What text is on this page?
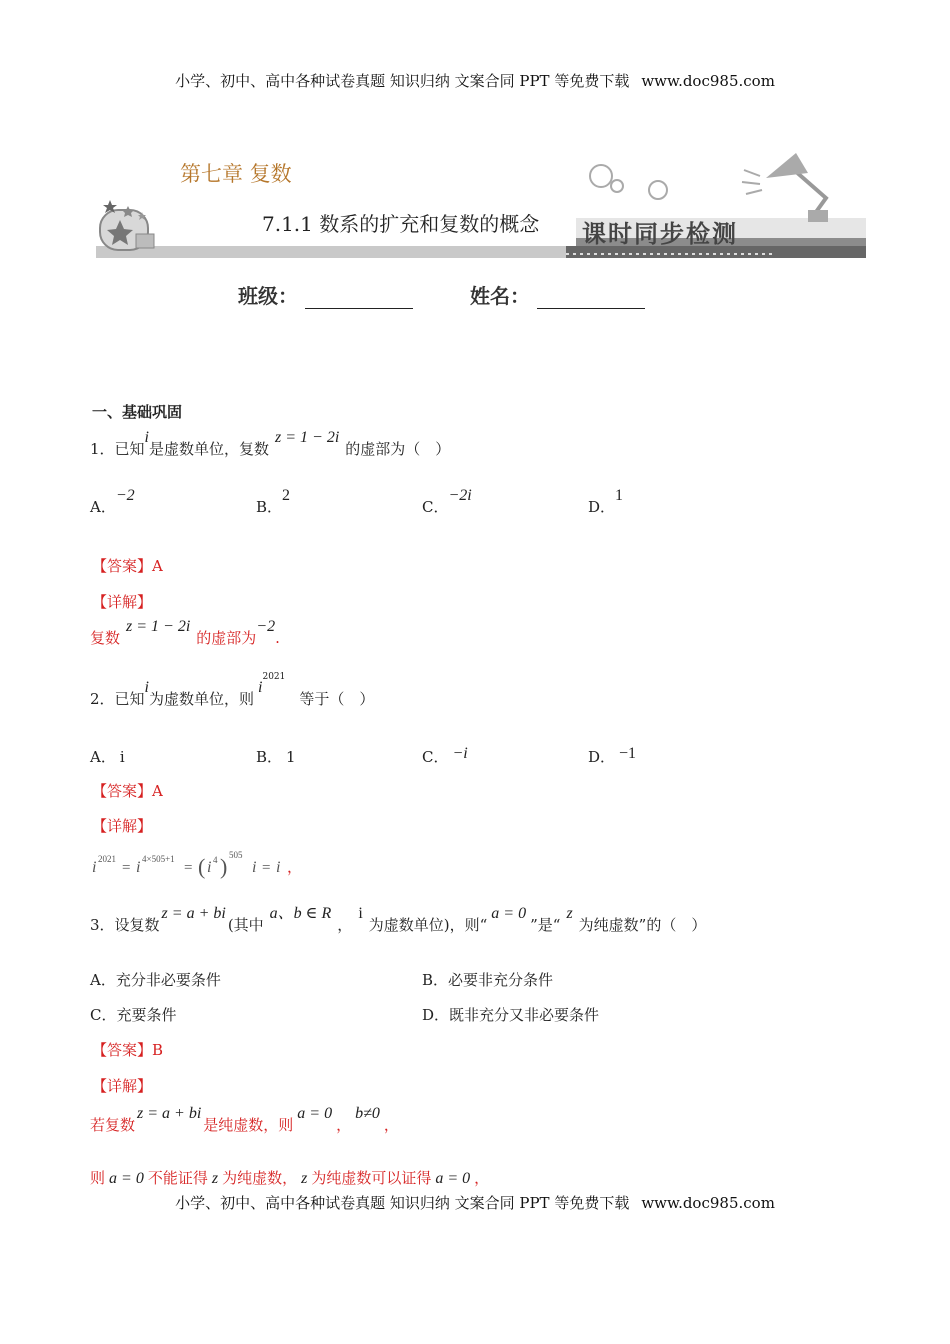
小学、初中、高中各种试卷真题 知识归纳 文案合同 PPT 等免费下载 www.doc985.com
第七章 复数
7.1.1 数系的扩充和复数的概念 课时同步检测
班级：	姓名：
一、基础巩固
1．已知i是虚数单位，复数z = 1 − 2i的虚部为（　）
A．−2
B．2
C．−2i
D．1
【答案】A
【详解】
复数z = 1 − 2i的虚部为−2.
2．已知i为虚数单位，则$i^{2021}$等于（　）
A． i	B． 1	C． −i	D． −1
【答案】A
【详解】
i 2021
= i 4×505+1
= ( i 4 ) 505
i = i ，
3．设复数z = a + bi(其中a、b ∈ R，i为虚数单位)，则“a = 0”是“z为纯虚数”的（　）
A．充分非必要条件	B．必要非充分条件
C．充要条件	D．既非充分又非必要条件
【答案】B
【详解】
若复数z = a + bi是纯虚数，则a = 0，b≠0，
则 a = 0 不能证得 z 为纯虚数， z 为纯虚数可以证得 a = 0 ，
小学、初中、高中各种试卷真题 知识归纳 文案合同 PPT 等免费下载 www.doc985.com
